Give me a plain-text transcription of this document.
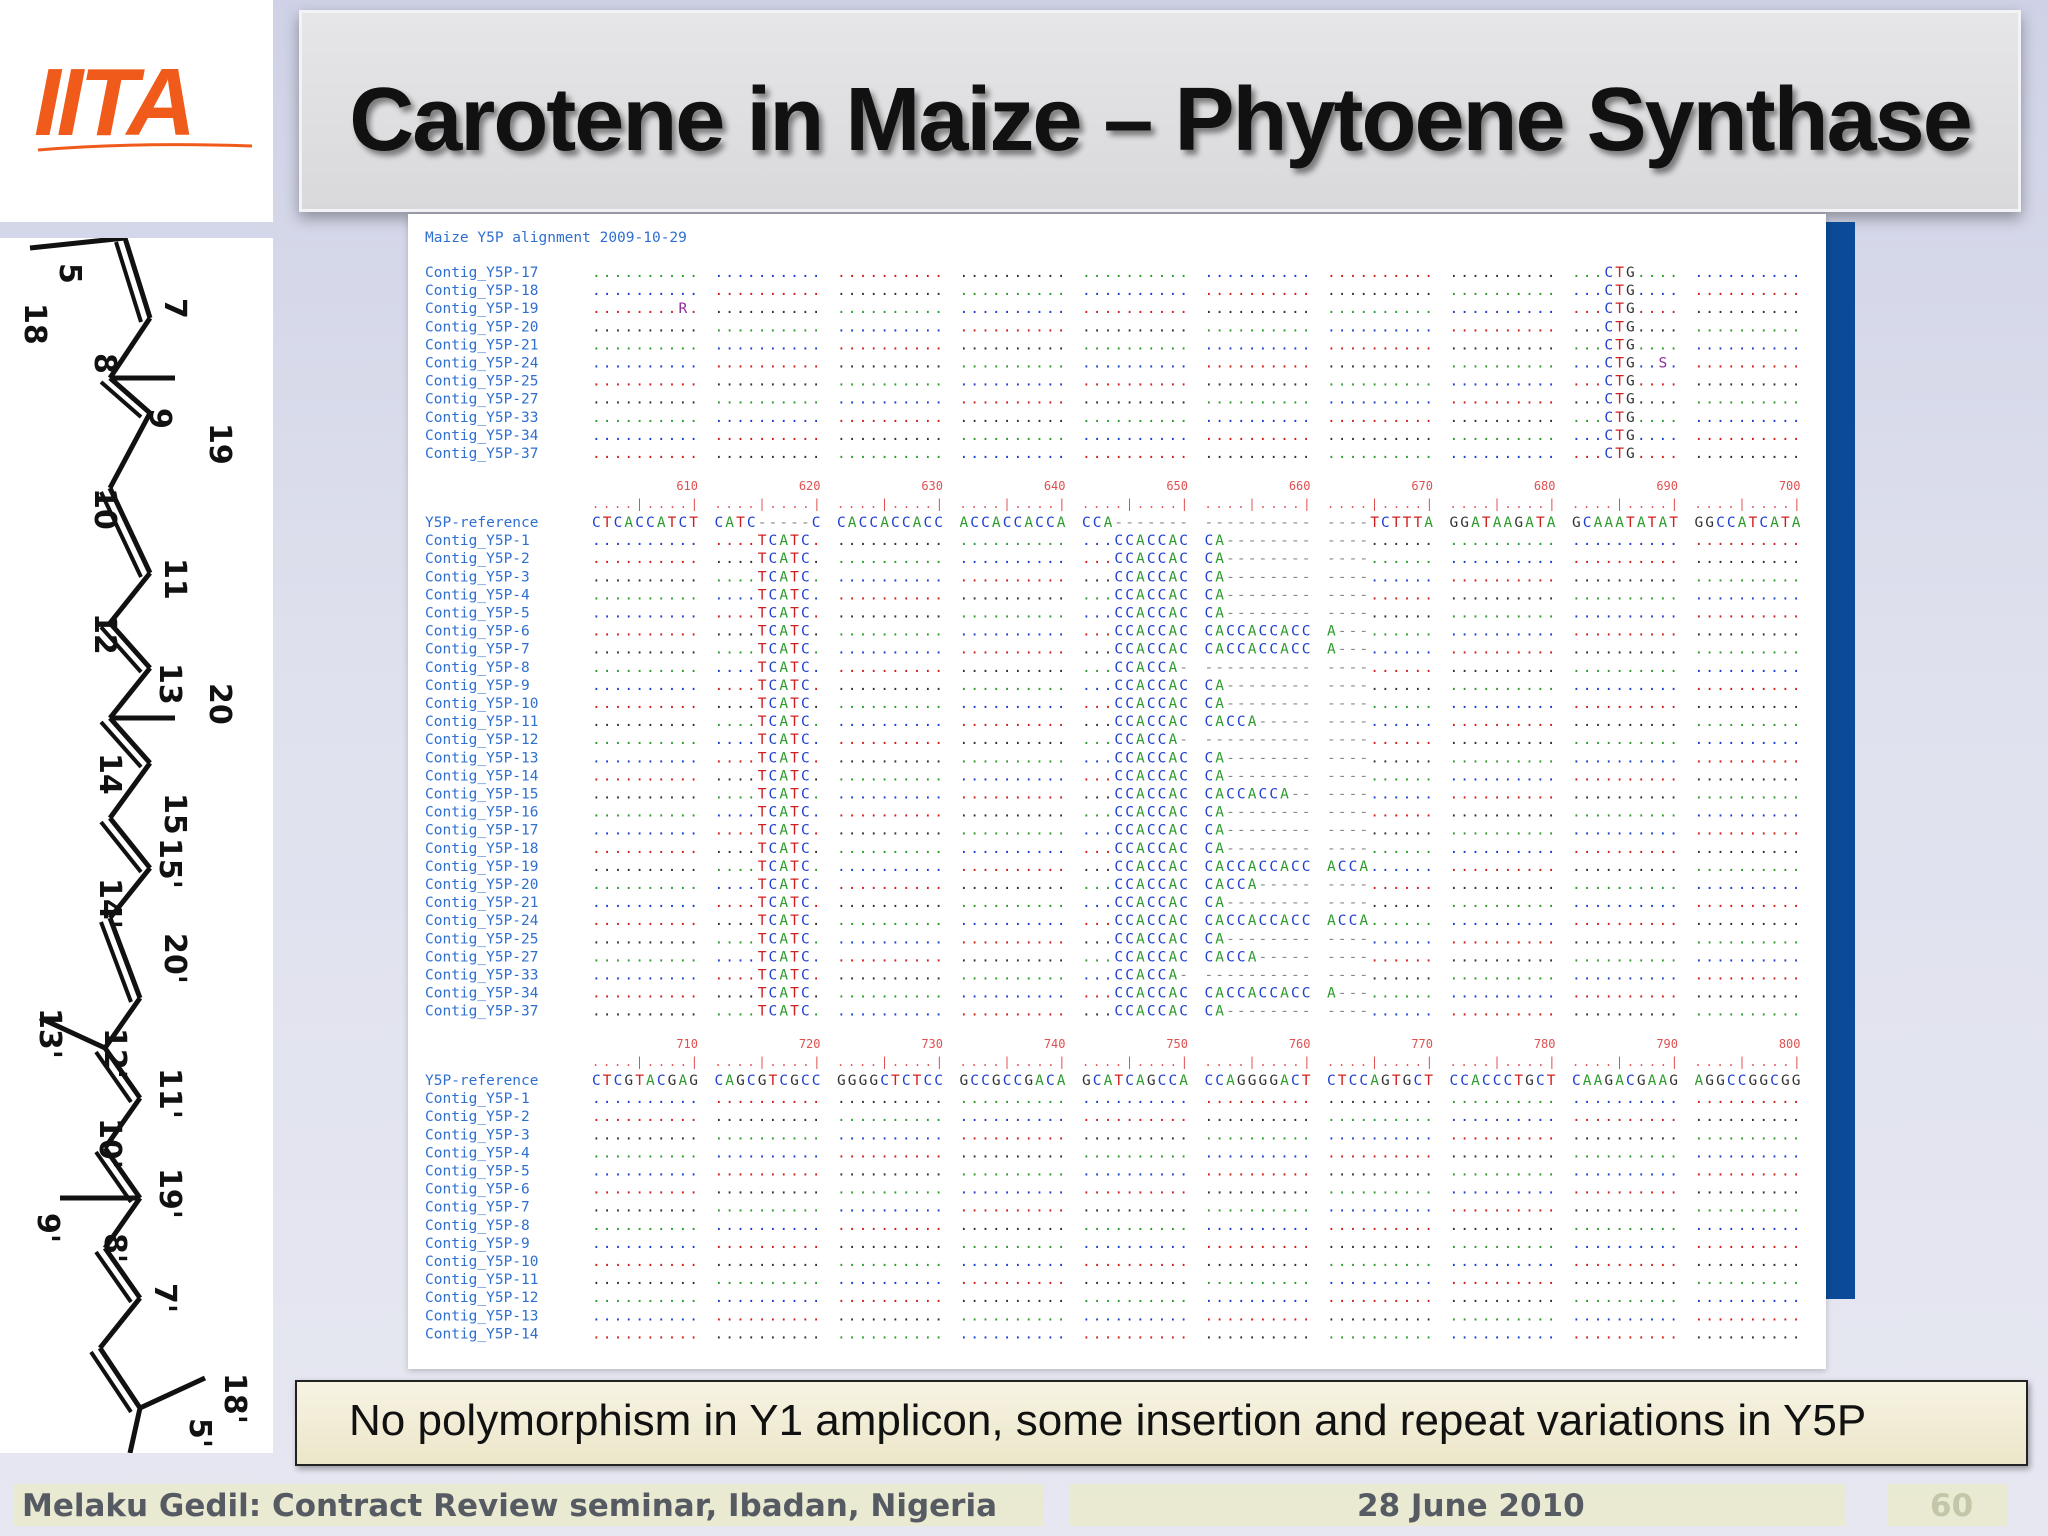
IITA
5
18	7
8
9
19
10
11
12
13 20
14
15
15'
14'
20'
13' 12'
11'
10'
19'
9'
8'
7'
18'
5'
Carotene in Maize – Phytoene Synthase
Maize Y5P alignment 2009-10-29
Contig_Y5P-17	. . . . . . . . . . . . . . . . . . . . . . . . . . . . . . . . . . . . . . . . . . . . . . . . . . . . . . . . . . . . . . . . . . . . . . . . . . . . . . . . . . . C T G . . . . . . . . . . . . . .
Contig_Y5P-18	. . . . . . . . . . . . . . . . . . . . . . . . . . . . . . . . . . . . . . . . . . . . . . . . . . . . . . . . . . . . . . . . . . . . . . . . . . . . . . . . . . . C T G . . . . . . . . . . . . . .
Contig_Y5P-19	. . . . . . . . R . . . . . . . . . . . . . . . . . . . . . . . . . . . . . . . . . . . . . . . . . . . . . . . . . . . . . . . . . . . . . . . . . . . . . . . . . . C T G . . . . . . . . . . . . . .
Contig_Y5P-20	. . . . . . . . . . . . . . . . . . . . . . . . . . . . . . . . . . . . . . . . . . . . . . . . . . . . . . . . . . . . . . . . . . . . . . . . . . . . . . . . . . . C T G . . . . . . . . . . . . . .
Contig_Y5P-21	. . . . . . . . . . . . . . . . . . . . . . . . . . . . . . . . . . . . . . . . . . . . . . . . . . . . . . . . . . . . . . . . . . . . . . . . . . . . . . . . . . . C T G . . . . . . . . . . . . . .
Contig_Y5P-24	. . . . . . . . . . . . . . . . . . . . . . . . . . . . . . . . . . . . . . . . . . . . . . . . . . . . . . . . . . . . . . . . . . . . . . . . . . . . . . . . . . . C T G . . S . . . . . . . . . . .
Contig_Y5P-25	. . . . . . . . . . . . . . . . . . . . . . . . . . . . . . . . . . . . . . . . . . . . . . . . . . . . . . . . . . . . . . . . . . . . . . . . . . . . . . . . . . . C T G . . . . . . . . . . . . . .
Contig_Y5P-27	. . . . . . . . . . . . . . . . . . . . . . . . . . . . . . . . . . . . . . . . . . . . . . . . . . . . . . . . . . . . . . . . . . . . . . . . . . . . . . . . . . . C T G . . . . . . . . . . . . . .
Contig_Y5P-33	. . . . . . . . . . . . . . . . . . . . . . . . . . . . . . . . . . . . . . . . . . . . . . . . . . . . . . . . . . . . . . . . . . . . . . . . . . . . . . . . . . . C T G . . . . . . . . . . . . . .
Contig_Y5P-34	. . . . . . . . . . . . . . . . . . . . . . . . . . . . . . . . . . . . . . . . . . . . . . . . . . . . . . . . . . . . . . . . . . . . . . . . . . . . . . . . . . . C T G . . . . . . . . . . . . . .
Contig_Y5P-37	. . . . . . . . . . . . . . . . . . . . . . . . . . . . . . . . . . . . . . . . . . . . . . . . . . . . . . . . . . . . . . . . . . . . . . . . . . . . . . . . . . . C T G . . . . . . . . . . . . . .
610
....|....|
620
....|....|
630
....|....|
640
....|....|
650
....|....|
660
....|....|
670
....|....|
680
....|....|
690
....|....|
700
....|....|
Y5P-reference	C T C A C C A T C T C A T C - - - - - C C A C C A C C A C C A C C A C C A C C A C C A - - - - - - - - - - - - - - - - - - - - - T C T T T A G G A T A A G A T A G C A A A T A T A T G G C C A T C A T A
Contig_Y5P-1	. . . . . . . . . . . . . . T C A T C . . . . . . . . . . . . . . . . . . . . . . . . C C A C C A C C A - - - - - - - - - - - - . . . . . . . . . . . . . . . . . . . . . . . . . . . . . . . . . . . .
Contig_Y5P-2	. . . . . . . . . . . . . . T C A T C . . . . . . . . . . . . . . . . . . . . . . . . C C A C C A C C A - - - - - - - - - - - - . . . . . . . . . . . . . . . . . . . . . . . . . . . . . . . . . . . .
Contig_Y5P-3	. . . . . . . . . . . . . . T C A T C . . . . . . . . . . . . . . . . . . . . . . . . C C A C C A C C A - - - - - - - - - - - - . . . . . . . . . . . . . . . . . . . . . . . . . . . . . . . . . . . .
Contig_Y5P-4	. . . . . . . . . . . . . . T C A T C . . . . . . . . . . . . . . . . . . . . . . . . C C A C C A C C A - - - - - - - - - - - - . . . . . . . . . . . . . . . . . . . . . . . . . . . . . . . . . . . .
Contig_Y5P-5	. . . . . . . . . . . . . . T C A T C . . . . . . . . . . . . . . . . . . . . . . . . C C A C C A C C A - - - - - - - - - - - - . . . . . . . . . . . . . . . . . . . . . . . . . . . . . . . . . . . .
Contig_Y5P-6	. . . . . . . . . . . . . . T C A T C . . . . . . . . . . . . . . . . . . . . . . . . C C A C C A C C A C C A C C A C C A - - - . . . . . . . . . . . . . . . . . . . . . . . . . . . . . . . . . . . .
Contig_Y5P-7	. . . . . . . . . . . . . . T C A T C . . . . . . . . . . . . . . . . . . . . . . . . C C A C C A C C A C C A C C A C C A - - - . . . . . . . . . . . . . . . . . . . . . . . . . . . . . . . . . . . .
Contig_Y5P-8	. . . . . . . . . . . . . . T C A T C . . . . . . . . . . . . . . . . . . . . . . . . C C A C C A - - - - - - - - - - - - - - - . . . . . . . . . . . . . . . . . . . . . . . . . . . . . . . . . . . .
Contig_Y5P-9	. . . . . . . . . . . . . . T C A T C . . . . . . . . . . . . . . . . . . . . . . . . C C A C C A C C A - - - - - - - - - - - - . . . . . . . . . . . . . . . . . . . . . . . . . . . . . . . . . . . .
Contig_Y5P-10	. . . . . . . . . . . . . . T C A T C . . . . . . . . . . . . . . . . . . . . . . . . C C A C C A C C A - - - - - - - - - - - - . . . . . . . . . . . . . . . . . . . . . . . . . . . . . . . . . . . .
Contig_Y5P-11	. . . . . . . . . . . . . . T C A T C . . . . . . . . . . . . . . . . . . . . . . . . C C A C C A C C A C C A - - - - - - - - - . . . . . . . . . . . . . . . . . . . . . . . . . . . . . . . . . . . .
Contig_Y5P-12	. . . . . . . . . . . . . . T C A T C . . . . . . . . . . . . . . . . . . . . . . . . C C A C C A - - - - - - - - - - - - - - - . . . . . . . . . . . . . . . . . . . . . . . . . . . . . . . . . . . .
Contig_Y5P-13	. . . . . . . . . . . . . . T C A T C . . . . . . . . . . . . . . . . . . . . . . . . C C A C C A C C A - - - - - - - - - - - - . . . . . . . . . . . . . . . . . . . . . . . . . . . . . . . . . . . .
Contig_Y5P-14	. . . . . . . . . . . . . . T C A T C . . . . . . . . . . . . . . . . . . . . . . . . C C A C C A C C A - - - - - - - - - - - - . . . . . . . . . . . . . . . . . . . . . . . . . . . . . . . . . . . .
Contig_Y5P-15	. . . . . . . . . . . . . . T C A T C . . . . . . . . . . . . . . . . . . . . . . . . C C A C C A C C A C C A C C A - - - - - - . . . . . . . . . . . . . . . . . . . . . . . . . . . . . . . . . . . .
Contig_Y5P-16	. . . . . . . . . . . . . . T C A T C . . . . . . . . . . . . . . . . . . . . . . . . C C A C C A C C A - - - - - - - - - - - - . . . . . . . . . . . . . . . . . . . . . . . . . . . . . . . . . . . .
Contig_Y5P-17	. . . . . . . . . . . . . . T C A T C . . . . . . . . . . . . . . . . . . . . . . . . C C A C C A C C A - - - - - - - - - - - - . . . . . . . . . . . . . . . . . . . . . . . . . . . . . . . . . . . .
Contig_Y5P-18	. . . . . . . . . . . . . . T C A T C . . . . . . . . . . . . . . . . . . . . . . . . C C A C C A C C A - - - - - - - - - - - - . . . . . . . . . . . . . . . . . . . . . . . . . . . . . . . . . . . .
Contig_Y5P-19	. . . . . . . . . . . . . . T C A T C . . . . . . . . . . . . . . . . . . . . . . . . C C A C C A C C A C C A C C A C C A C C A . . . . . . . . . . . . . . . . . . . . . . . . . . . . . . . . . . . .
Contig_Y5P-20	. . . . . . . . . . . . . . T C A T C . . . . . . . . . . . . . . . . . . . . . . . . C C A C C A C C A C C A - - - - - - - - - . . . . . . . . . . . . . . . . . . . . . . . . . . . . . . . . . . . .
Contig_Y5P-21	. . . . . . . . . . . . . . T C A T C . . . . . . . . . . . . . . . . . . . . . . . . C C A C C A C C A - - - - - - - - - - - - . . . . . . . . . . . . . . . . . . . . . . . . . . . . . . . . . . . .
Contig_Y5P-24	. . . . . . . . . . . . . . T C A T C . . . . . . . . . . . . . . . . . . . . . . . . C C A C C A C C A C C A C C A C C A C C A . . . . . . . . . . . . . . . . . . . . . . . . . . . . . . . . . . . .
Contig_Y5P-25	. . . . . . . . . . . . . . T C A T C . . . . . . . . . . . . . . . . . . . . . . . . C C A C C A C C A - - - - - - - - - - - - . . . . . . . . . . . . . . . . . . . . . . . . . . . . . . . . . . . .
Contig_Y5P-27	. . . . . . . . . . . . . . T C A T C . . . . . . . . . . . . . . . . . . . . . . . . C C A C C A C C A C C A - - - - - - - - - . . . . . . . . . . . . . . . . . . . . . . . . . . . . . . . . . . . .
Contig_Y5P-33	. . . . . . . . . . . . . . T C A T C . . . . . . . . . . . . . . . . . . . . . . . . C C A C C A - - - - - - - - - - - - - - - . . . . . . . . . . . . . . . . . . . . . . . . . . . . . . . . . . . .
Contig_Y5P-34	. . . . . . . . . . . . . . T C A T C . . . . . . . . . . . . . . . . . . . . . . . . C C A C C A C C A C C A C C A C C A - - - . . . . . . . . . . . . . . . . . . . . . . . . . . . . . . . . . . . .
Contig_Y5P-37	. . . . . . . . . . . . . . T C A T C . . . . . . . . . . . . . . . . . . . . . . . . C C A C C A C C A - - - - - - - - - - - - . . . . . . . . . . . . . . . . . . . . . . . . . . . . . . . . . . . .
710
....|....|
720
....|....|
730
....|....|
740
....|....|
750
....|....|
760
....|....|
770
....|....|
780
....|....|
790
....|....|
800
....|....|
Y5P-reference	C T C G T A C G A G C A G C G T C G C C G G G G C T C T C C G C C G C C G A C A G C A T C A G C C A C C A G G G G A C T C T C C A G T G C T C C A C C C T G C T C A A G A C G A A G A G G C C G G C G G
Contig_Y5P-1	. . . . . . . . . . . . . . . . . . . . . . . . . . . . . . . . . . . . . . . . . . . . . . . . . . . . . . . . . . . . . . . . . . . . . . . . . . . . . . . . . . . . . . . . . . . . . . . . . . . .
Contig_Y5P-2	. . . . . . . . . . . . . . . . . . . . . . . . . . . . . . . . . . . . . . . . . . . . . . . . . . . . . . . . . . . . . . . . . . . . . . . . . . . . . . . . . . . . . . . . . . . . . . . . . . . .
Contig_Y5P-3	. . . . . . . . . . . . . . . . . . . . . . . . . . . . . . . . . . . . . . . . . . . . . . . . . . . . . . . . . . . . . . . . . . . . . . . . . . . . . . . . . . . . . . . . . . . . . . . . . . . .
Contig_Y5P-4	. . . . . . . . . . . . . . . . . . . . . . . . . . . . . . . . . . . . . . . . . . . . . . . . . . . . . . . . . . . . . . . . . . . . . . . . . . . . . . . . . . . . . . . . . . . . . . . . . . . .
Contig_Y5P-5	. . . . . . . . . . . . . . . . . . . . . . . . . . . . . . . . . . . . . . . . . . . . . . . . . . . . . . . . . . . . . . . . . . . . . . . . . . . . . . . . . . . . . . . . . . . . . . . . . . . .
Contig_Y5P-6	. . . . . . . . . . . . . . . . . . . . . . . . . . . . . . . . . . . . . . . . . . . . . . . . . . . . . . . . . . . . . . . . . . . . . . . . . . . . . . . . . . . . . . . . . . . . . . . . . . . .
Contig_Y5P-7	. . . . . . . . . . . . . . . . . . . . . . . . . . . . . . . . . . . . . . . . . . . . . . . . . . . . . . . . . . . . . . . . . . . . . . . . . . . . . . . . . . . . . . . . . . . . . . . . . . . .
Contig_Y5P-8	. . . . . . . . . . . . . . . . . . . . . . . . . . . . . . . . . . . . . . . . . . . . . . . . . . . . . . . . . . . . . . . . . . . . . . . . . . . . . . . . . . . . . . . . . . . . . . . . . . . .
Contig_Y5P-9	. . . . . . . . . . . . . . . . . . . . . . . . . . . . . . . . . . . . . . . . . . . . . . . . . . . . . . . . . . . . . . . . . . . . . . . . . . . . . . . . . . . . . . . . . . . . . . . . . . . .
Contig_Y5P-10	. . . . . . . . . . . . . . . . . . . . . . . . . . . . . . . . . . . . . . . . . . . . . . . . . . . . . . . . . . . . . . . . . . . . . . . . . . . . . . . . . . . . . . . . . . . . . . . . . . . .
Contig_Y5P-11	. . . . . . . . . . . . . . . . . . . . . . . . . . . . . . . . . . . . . . . . . . . . . . . . . . . . . . . . . . . . . . . . . . . . . . . . . . . . . . . . . . . . . . . . . . . . . . . . . . . .
Contig_Y5P-12	. . . . . . . . . . . . . . . . . . . . . . . . . . . . . . . . . . . . . . . . . . . . . . . . . . . . . . . . . . . . . . . . . . . . . . . . . . . . . . . . . . . . . . . . . . . . . . . . . . . .
Contig_Y5P-13	. . . . . . . . . . . . . . . . . . . . . . . . . . . . . . . . . . . . . . . . . . . . . . . . . . . . . . . . . . . . . . . . . . . . . . . . . . . . . . . . . . . . . . . . . . . . . . . . . . . .
Contig_Y5P-14	. . . . . . . . . . . . . . . . . . . . . . . . . . . . . . . . . . . . . . . . . . . . . . . . . . . . . . . . . . . . . . . . . . . . . . . . . . . . . . . . . . . . . . . . . . . . . . . . . . . .
No polymorphism in Y1 amplicon, some insertion and repeat variations in Y5P
Melaku Gedil: Contract Review seminar, Ibadan, Nigeria	28 June 2010	60
